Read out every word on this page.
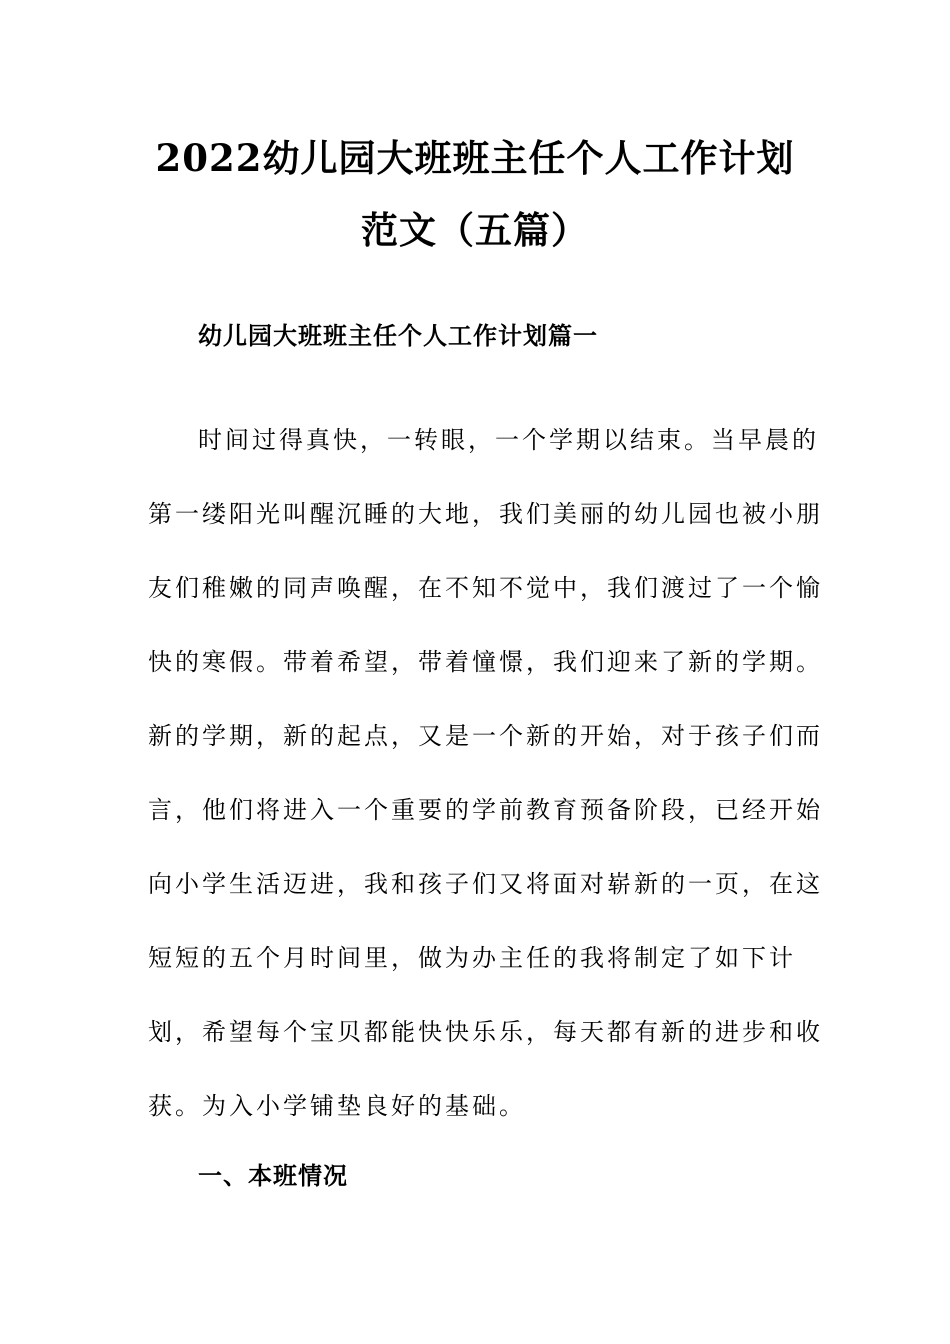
2022幼儿园大班班主任个人工作计划
范文（五篇）
幼儿园大班班主任个人工作计划篇一

时间过得真快，一转眼，一个学期以结束。当早晨的

第一缕阳光叫醒沉睡的大地，我们美丽的幼儿园也被小朋

友们稚嫩的同声唤醒，在不知不觉中，我们渡过了一个愉

快的寒假。带着希望，带着憧憬，我们迎来了新的学期。

新的学期，新的起点，又是一个新的开始，对于孩子们而

言，他们将进入一个重要的学前教育预备阶段，已经开始

向小学生活迈进，我和孩子们又将面对崭新的一页，在这

短短的五个月时间里，做为办主任的我将制定了如下计

划，希望每个宝贝都能快快乐乐，每天都有新的进步和收

获。为入小学铺垫良好的基础。

一、本班情况
